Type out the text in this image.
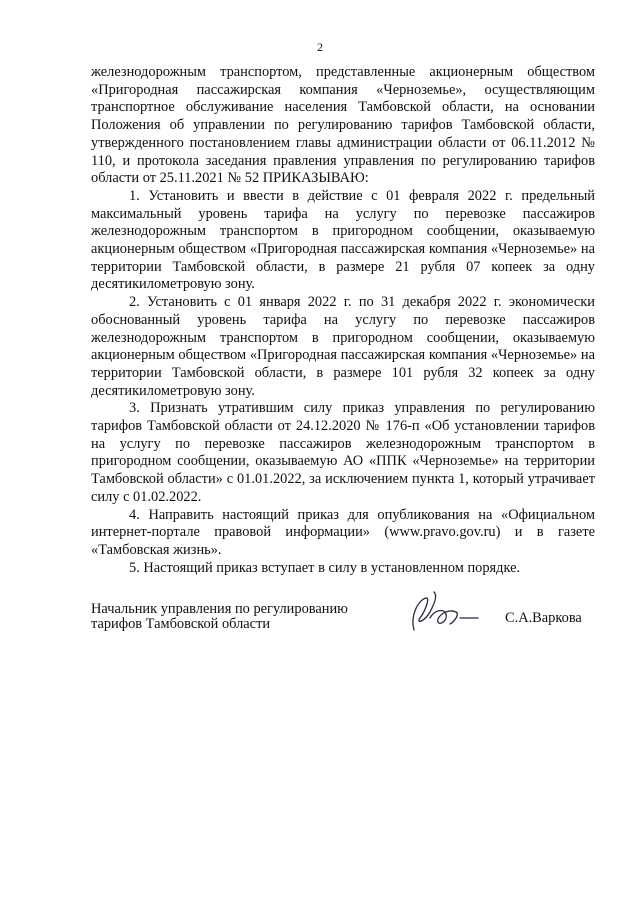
2

железнодорожным транспортом, представленные акционерным обществом «Пригородная пассажирская компания «Черноземье», осуществляющим транспортное обслуживание населения Тамбовской области, на основании Положения об управлении по регулированию тарифов Тамбовской области, утвержденного постановлением главы администрации области от 06.11.2012 № 110, и протокола заседания правления управления по регулированию тарифов области от 25.11.2021 № 52 ПРИКАЗЫВАЮ:

1. Установить и ввести в действие с 01 февраля 2022 г. предельный максимальный уровень тарифа на услугу по перевозке пассажиров железнодорожным транспортом в пригородном сообщении, оказываемую акционерным обществом «Пригородная пассажирская компания «Черноземье» на территории Тамбовской области, в размере 21 рубля 07 копеек за одну десятикилометровую зону.

2. Установить с 01 января 2022 г. по 31 декабря 2022 г. экономически обоснованный уровень тарифа на услугу по перевозке пассажиров железнодорожным транспортом в пригородном сообщении, оказываемую акционерным обществом «Пригородная пассажирская компания «Черноземье» на территории Тамбовской области, в размере 101 рубля 32 копеек за одну десятикилометровую зону.

3. Признать утратившим силу приказ управления по регулированию тарифов Тамбовской области от 24.12.2020 № 176-п «Об установлении тарифов на услугу по перевозке пассажиров железнодорожным транспортом в пригородном сообщении, оказываемую АО «ППК «Черноземье» на территории Тамбовской области» с 01.01.2022, за исключением пункта 1, который утрачивает силу с 01.02.2022.

4. Направить настоящий приказ для опубликования на «Официальном интернет-портале правовой информации» (www.pravo.gov.ru) и в газете «Тамбовская жизнь».

5. Настоящий приказ вступает в силу в установленном порядке.

Начальник управления по регулированию
тарифов Тамбовской области	С.А.Варкова
